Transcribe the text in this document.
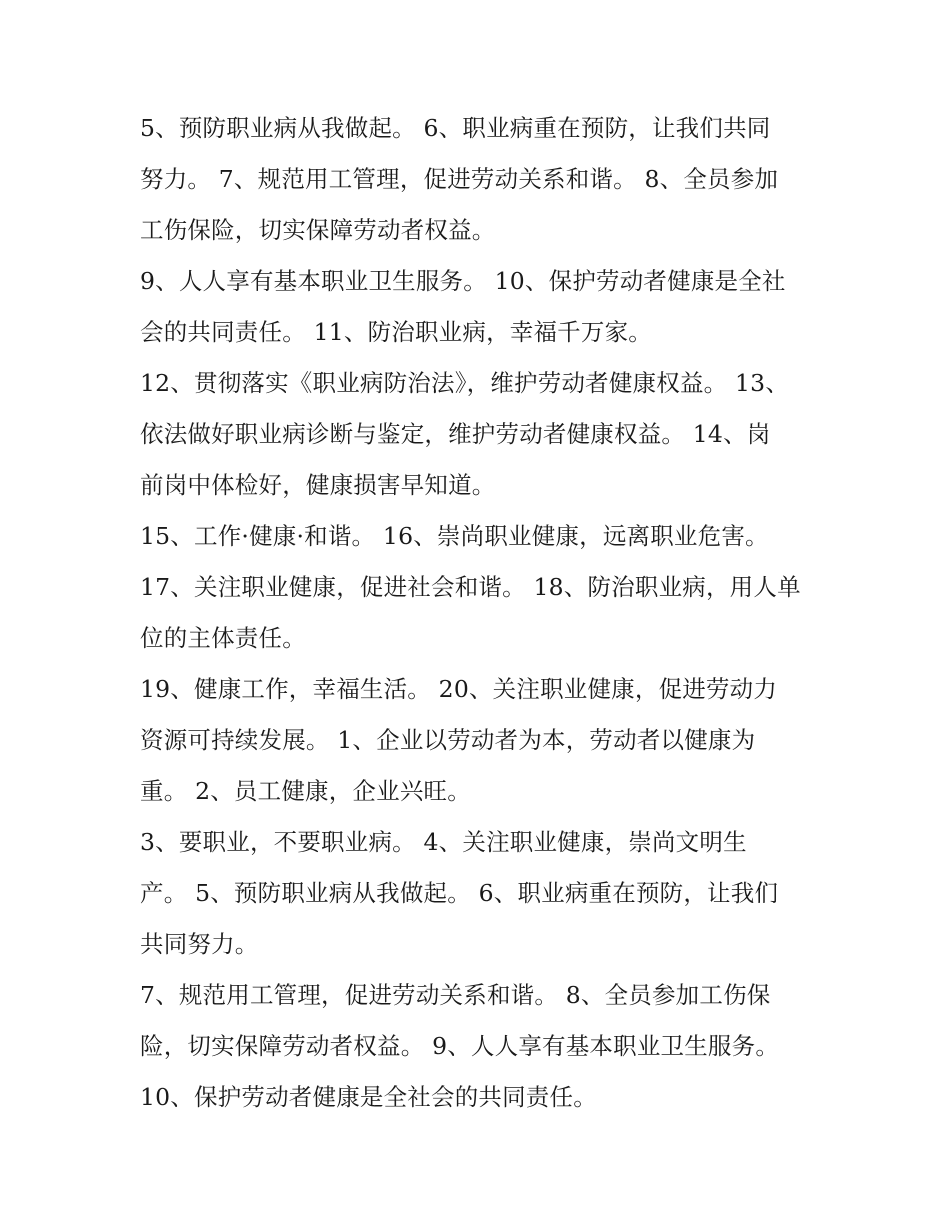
5、预防职业病从我做起。 6、职业病重在预防，让我们共同
努力。 7、规范用工管理，促进劳动关系和谐。 8、全员参加
工伤保险，切实保障劳动者权益。
9、人人享有基本职业卫生服务。 10、保护劳动者健康是全社
会的共同责任。 11、防治职业病，幸福千万家。
12、贯彻落实《职业病防治法》，维护劳动者健康权益。 13、
依法做好职业病诊断与鉴定，维护劳动者健康权益。 14、岗
前岗中体检好，健康损害早知道。
15、工作·健康·和谐。 16、崇尚职业健康，远离职业危害。
17、关注职业健康，促进社会和谐。 18、防治职业病，用人单
位的主体责任。
19、健康工作，幸福生活。 20、关注职业健康，促进劳动力
资源可持续发展。 1、企业以劳动者为本，劳动者以健康为
重。 2、员工健康，企业兴旺。
3、要职业，不要职业病。 4、关注职业健康，崇尚文明生
产。 5、预防职业病从我做起。 6、职业病重在预防，让我们
共同努力。
7、规范用工管理，促进劳动关系和谐。 8、全员参加工伤保
险，切实保障劳动者权益。 9、人人享有基本职业卫生服务。
10、保护劳动者健康是全社会的共同责任。
